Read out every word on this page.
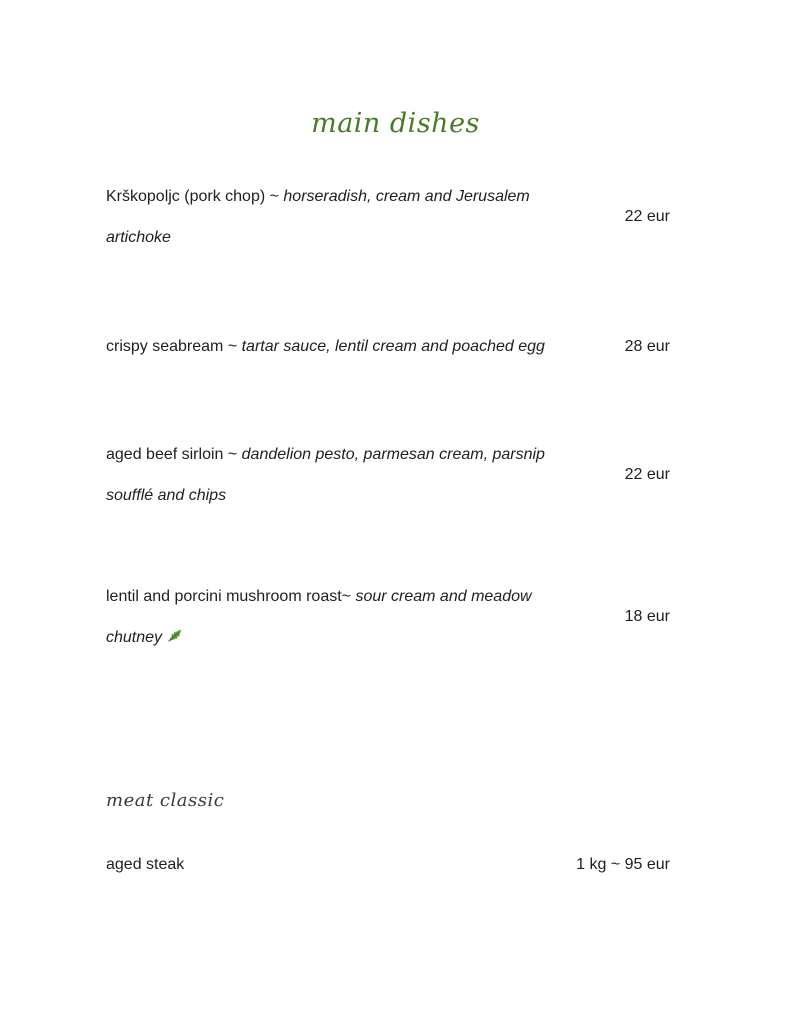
main dishes
Krškopoljc (pork chop) ~ horseradish, cream and Jerusalem artichoke
22 eur
crispy seabream ~ tartar sauce, lentil cream and poached egg	28 eur
aged beef sirloin ~ dandelion pesto, parmesan cream, parsnip soufflé and chips
22 eur
lentil and porcini mushroom roast~ sour cream and meadow chutney
18 eur
meat classic
aged steak	1 kg ~ 95 eur
